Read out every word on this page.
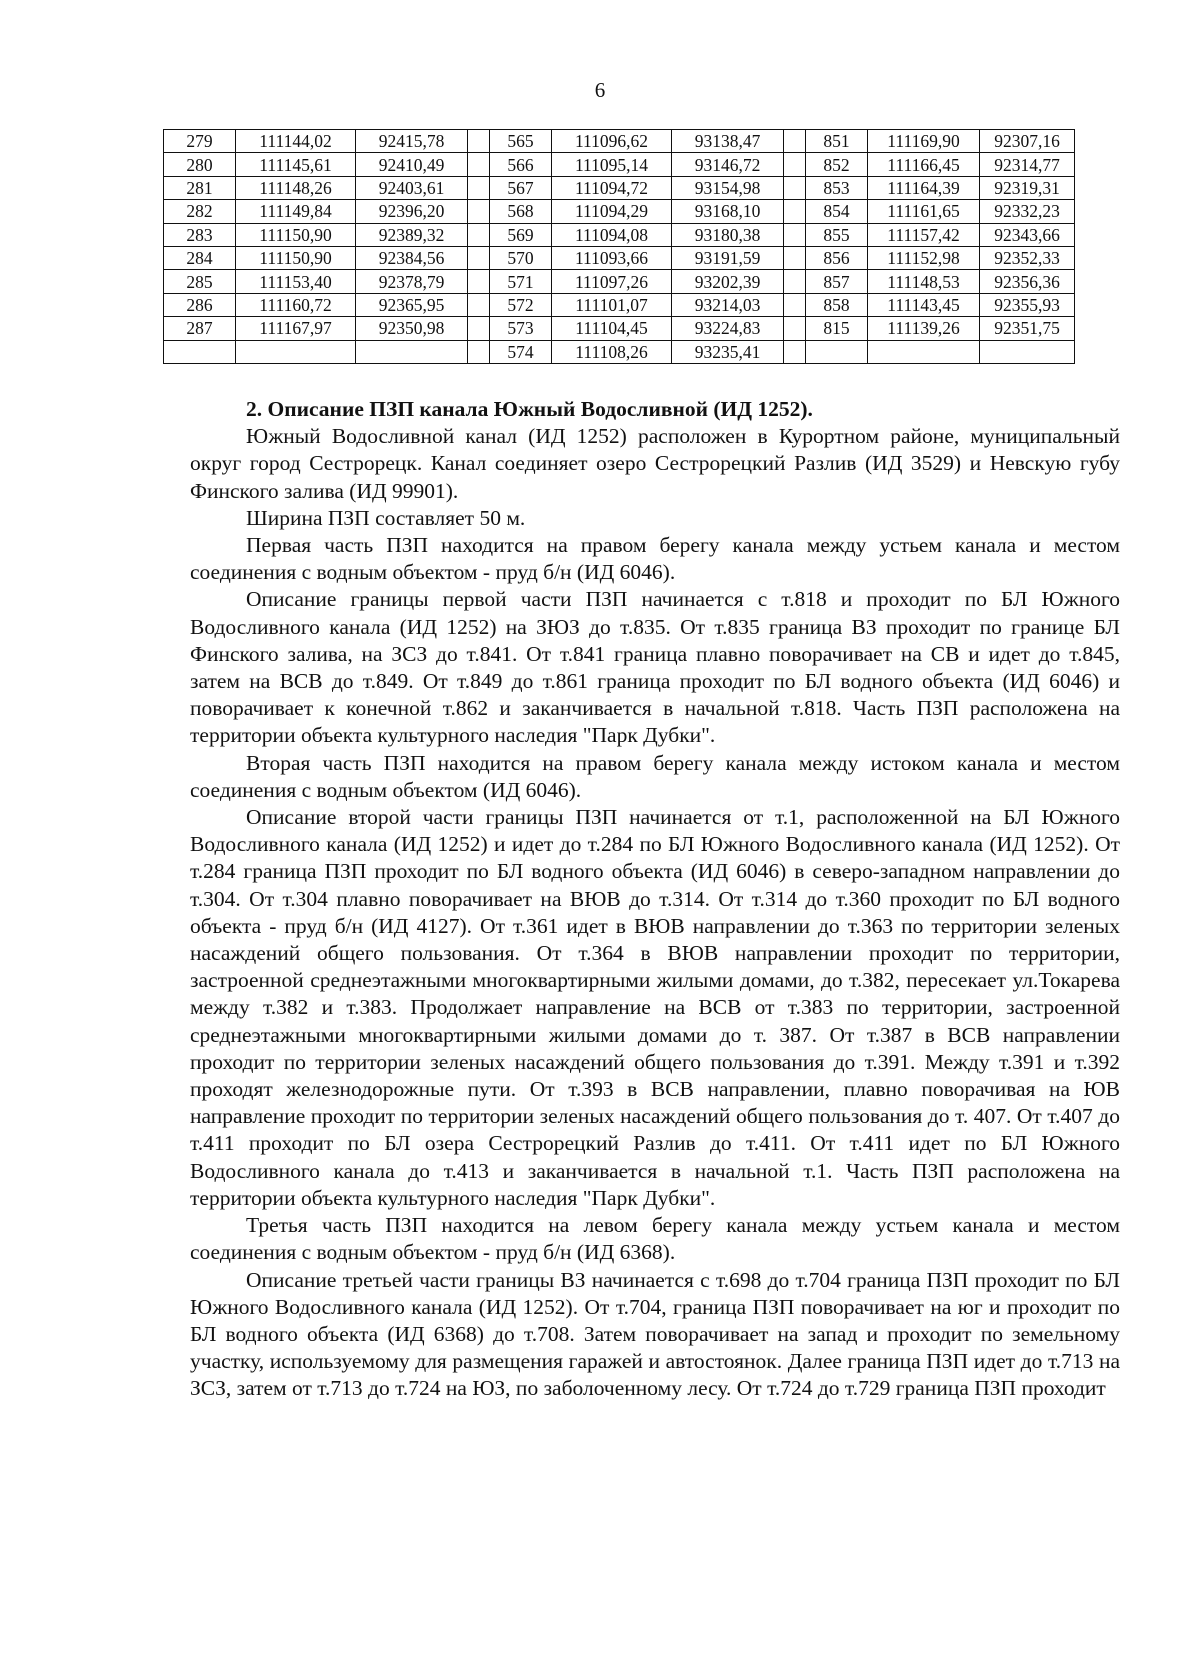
6
279	111144,02	92415,78		565	111096,62	93138,47		851	111169,90	92307,16
280	111145,61	92410,49		566	111095,14	93146,72		852	111166,45	92314,77
281	111148,26	92403,61		567	111094,72	93154,98		853	111164,39	92319,31
282	111149,84	92396,20		568	111094,29	93168,10		854	111161,65	92332,23
283	111150,90	92389,32		569	111094,08	93180,38		855	111157,42	92343,66
284	111150,90	92384,56		570	111093,66	93191,59		856	111152,98	92352,33
285	111153,40	92378,79		571	111097,26	93202,39		857	111148,53	92356,36
286	111160,72	92365,95		572	111101,07	93214,03		858	111143,45	92355,93
287	111167,97	92350,98		573	111104,45	93224,83		815	111139,26	92351,75
				574	111108,26	93235,41				
2. Описание ПЗП канала Южный Водосливной (ИД 1252).

Южный Водосливной канал (ИД 1252) расположен в Курортном районе, муниципальный округ город Сестрорецк. Канал соединяет озеро Сестрорецкий Разлив (ИД 3529) и Невскую губу Финского залива (ИД 99901).

Ширина ПЗП составляет 50 м.

Первая часть ПЗП находится на правом берегу канала между устьем канала и местом соединения с водным объектом - пруд б/н (ИД 6046).

Описание границы первой части ПЗП начинается с т.818 и проходит по БЛ Южного Водосливного канала (ИД 1252) на ЗЮЗ до т.835. От т.835 граница ВЗ проходит по границе БЛ Финского залива, на ЗСЗ до т.841. От т.841 граница плавно поворачивает на СВ и идет до т.845, затем на ВСВ до т.849. От т.849 до т.861 граница проходит по БЛ водного объекта (ИД 6046) и поворачивает к конечной т.862 и заканчивается в начальной т.818. Часть ПЗП расположена на территории объекта культурного наследия "Парк Дубки".

Вторая часть ПЗП находится на правом берегу канала между истоком канала и местом соединения с водным объектом (ИД 6046).

Описание второй части границы ПЗП начинается от т.1, расположенной на БЛ Южного Водосливного канала (ИД 1252) и идет до т.284 по БЛ Южного Водосливного канала (ИД 1252). От т.284 граница ПЗП проходит по БЛ водного объекта (ИД 6046) в северо-западном направлении до т.304. От т.304 плавно поворачивает на ВЮВ до т.314. От т.314 до т.360 проходит по БЛ водного объекта - пруд б/н (ИД 4127). От т.361 идет в ВЮВ направлении до т.363 по территории зеленых насаждений общего пользования. От т.364 в ВЮВ направлении проходит по территории, застроенной среднеэтажными многоквартирными жилыми домами, до т.382, пересекает ул.Токарева между т.382 и т.383. Продолжает направление на ВСВ от т.383 по территории, застроенной среднеэтажными многоквартирными жилыми домами до т. 387. От т.387 в ВСВ направлении проходит по территории зеленых насаждений общего пользования до т.391. Между т.391 и т.392 проходят железнодорожные пути. От т.393 в ВСВ направлении, плавно поворачивая на ЮВ направление проходит по территории зеленых насаждений общего пользования до т. 407. От т.407 до т.411 проходит по БЛ озера Сестрорецкий Разлив до т.411. От т.411 идет по БЛ Южного Водосливного канала до т.413 и заканчивается в начальной т.1. Часть ПЗП расположена на территории объекта культурного наследия "Парк Дубки".

Третья часть ПЗП находится на левом берегу канала между устьем канала и местом соединения с водным объектом - пруд б/н (ИД 6368).

Описание третьей части границы ВЗ начинается с т.698 до т.704 граница ПЗП проходит по БЛ Южного Водосливного канала (ИД 1252). От т.704, граница ПЗП поворачивает на юг и проходит по БЛ водного объекта (ИД 6368) до т.708. Затем поворачивает на запад и проходит по земельному участку, используемому для размещения гаражей и автостоянок. Далее граница ПЗП идет до т.713 на ЗСЗ, затем от т.713 до т.724 на ЮЗ, по заболоченному лесу. От т.724 до т.729 граница ПЗП проходит
